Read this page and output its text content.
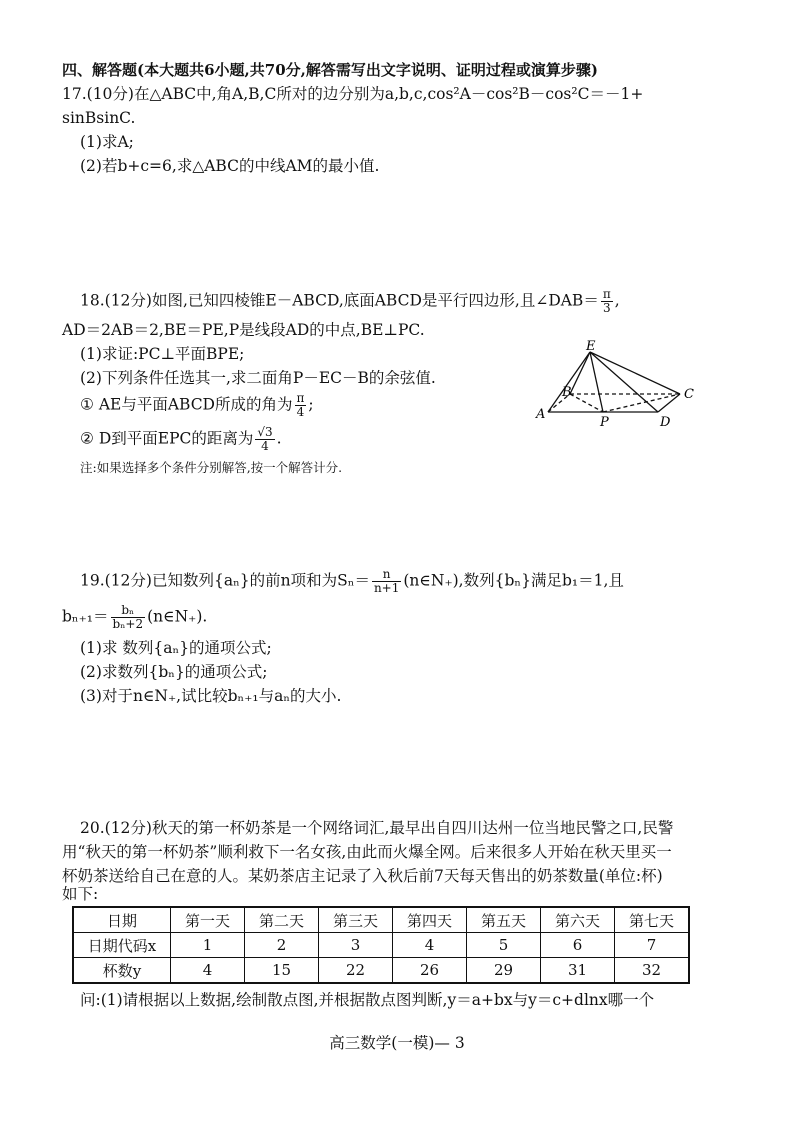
四、解答题(本大题共6小题,共70分,解答需写出文字说明、证明过程或演算步骤)
17.(10分)在△ABC中,角A,B,C所对的边分别为a,b,c,cos²A－cos²B－cos²C＝－1+
sinBsinC.
(1)求A;
(2)若b+c=6,求△ABC的中线AM的最小值.
18.(12分)如图,已知四棱锥E－ABCD,底面ABCD是平行四边形,且∠DAB＝ $\frac{\pi}{3}$ ,
AD＝2AB＝2,BE＝PE,P是线段AD的中点,BE⊥PC.
(1)求证:PC⊥平面BPE;
(2)下列条件任选其一,求二面角P－EC－B的余弦值.
① AE与平面ABCD所成的角为 $\frac{\pi}{4}$ ;
② D到平面EPC的距离为 $\frac{√3}{4}$ .
注:如果选择多个条件分别解答,按一个解答计分.
E
B	C
A
P	D
19.(12分)已知数列{aₙ}的前n项和为$S_n= \frac{n}{n+1}$ (n∈N₊),数列{bₙ}满足b₁＝1,且
$b_{n+1}= \frac{\text{bₙ}}{\text{bₙ+2}}$ (n∈N₊).
(1)求 数列{aₙ}的通项公式;
(2)求数列{bₙ}的通项公式;
(3)对于n∈N₊,试比较bₙ₊₁与aₙ的大小.
20.(12分)秋天的第一杯奶茶是一个网络词汇,最早出自四川达州一位当地民警之口,民警
用“秋天的第一杯奶茶”顺利救下一名女孩,由此而火爆全网。后来很多人开始在秋天里买一
杯奶茶送给自己在意的人。某奶茶店主记录了入秋后前7天每天售出的奶茶数量(单位:杯)
如下:
日期	第一天	第二天	第三天	第四天	第五天	第六天	第七天
日期代码x	1	2	3	4	5	6	7
杯数y	4	15	22	26	29	31	32
问:(1)请根据以上数据,绘制散点图,并根据散点图判断,y＝a+bx与y＝c+dlnx哪一个
高三数学(一模)— 3
